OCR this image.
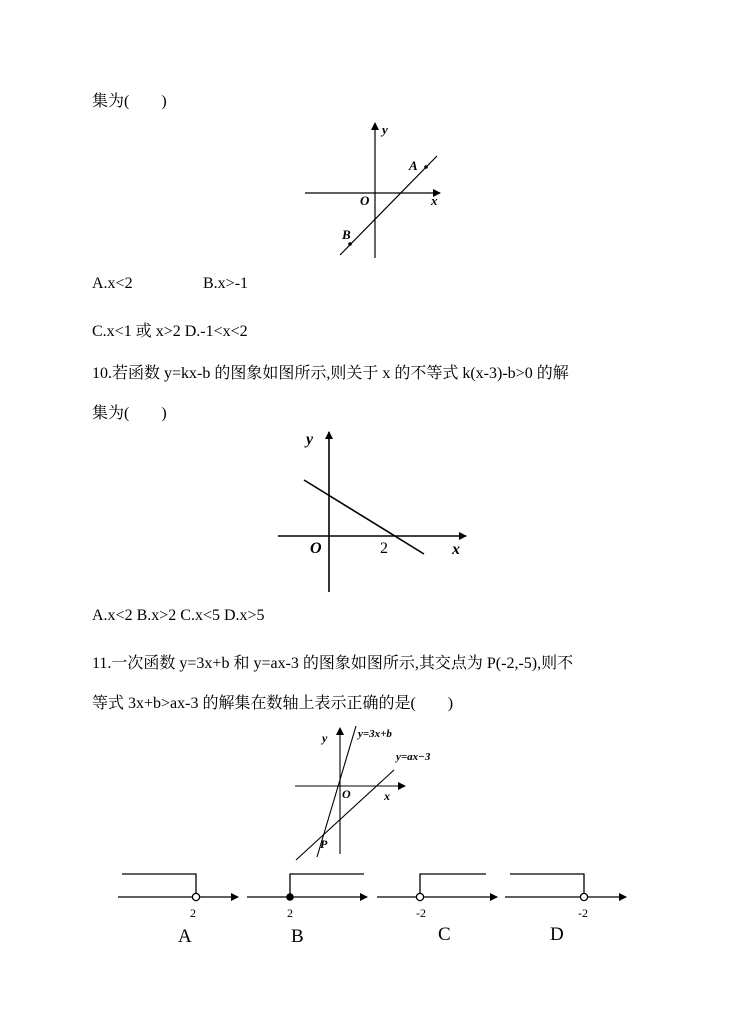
集为(　　)
y
x
O
A
B
A.x<2	B.x>-1
C.x<1 或 x>2 D.-1<x<2
10.若函数 y=kx-b 的图象如图所示,则关于 x 的不等式 k(x-3)-b>0 的解
集为(　　)
y
x
O	2
A.x<2 B.x>2 C.x<5 D.x>5
11.一次函数 y=3x+b 和 y=ax-3 的图象如图所示,其交点为 P(-2,-5),则不
等式 3x+b>ax-3 的解集在数轴上表示正确的是(　　)
y
x
O
P
y=3x+b
y=ax−3
2
A
2
B
-2
C
-2
D
